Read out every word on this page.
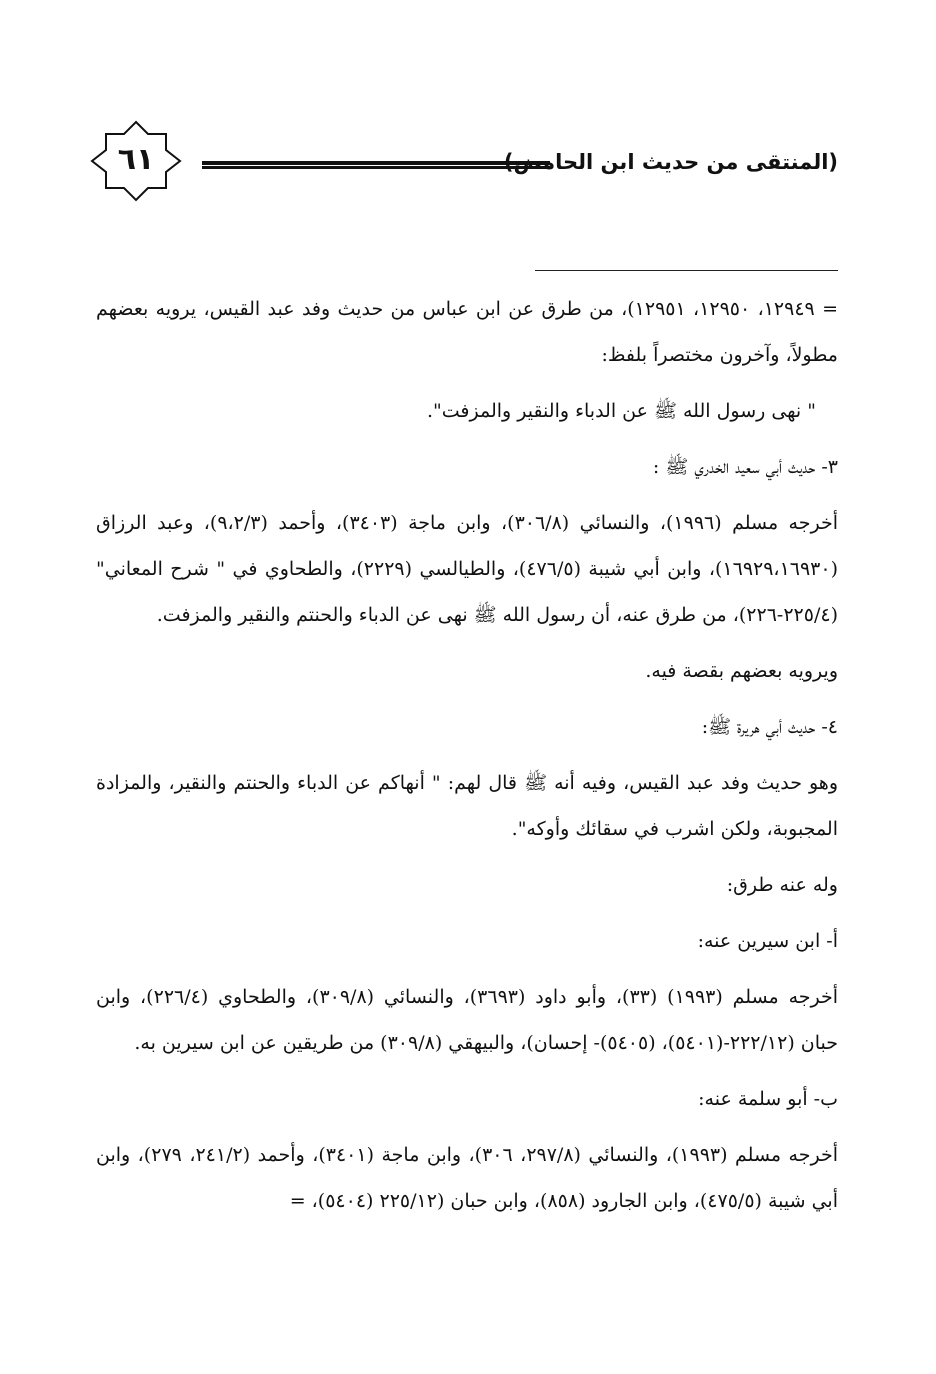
٦١	(المنتقى من حديث ابن الحامض)

= ١٢٩٤٩، ١٢٩٥٠، ١٢٩٥١)، من طرق عن ابن عباس من حديث وفد عبد القيس، يرويه بعضهم مطولاً، وآخرون مختصراً بلفظ:

" نهى رسول الله ﷺ عن الدباء والنقير والمزفت".

٣- حديث أبي سعيد الخدري ﷺ :

أخرجه مسلم (١٩٩٦)، والنسائي (٣٠٦/٨)، وابن ماجة (٣٤٠٣)، وأحمد (٩،٢/٣)، وعبد الرزاق (١٦٩٢٩،١٦٩٣٠)، وابن أبي شيبة (٤٧٦/٥)، والطيالسي (٢٢٢٩)، والطحاوي في " شرح المعاني" (٢٢٥/٤-٢٢٦)، من طرق عنه، أن رسول الله ﷺ نهى عن الدباء والحنتم والنقير والمزفت.

ويرويه بعضهم بقصة فيه.

٤- حديث أبي هريرة ﷺ:

وهو حديث وفد عبد القيس، وفيه أنه ﷺ قال لهم: " أنهاكم عن الدباء والحنتم والنقير، والمزادة المجبوبة، ولكن اشرب في سقائك وأوكه".

وله عنه طرق:

أ- ابن سيرين عنه:

أخرجه مسلم (١٩٩٣) (٣٣)، وأبو داود (٣٦٩٣)، والنسائي (٣٠٩/٨)، والطحاوي (٢٢٦/٤)، وابن حبان (٢٢٢/١٢-(٥٤٠١)، (٥٤٠٥)- إحسان)، والبيهقي (٣٠٩/٨) من طريقين عن ابن سيرين به.

ب- أبو سلمة عنه:

أخرجه مسلم (١٩٩٣)، والنسائي (٢٩٧/٨، ٣٠٦)، وابن ماجة (٣٤٠١)، وأحمد (٢٤١/٢، ٢٧٩)، وابن أبي شيبة (٤٧٥/٥)، وابن الجارود (٨٥٨)، وابن حبان (٢٢٥/١٢ (٥٤٠٤)، =
